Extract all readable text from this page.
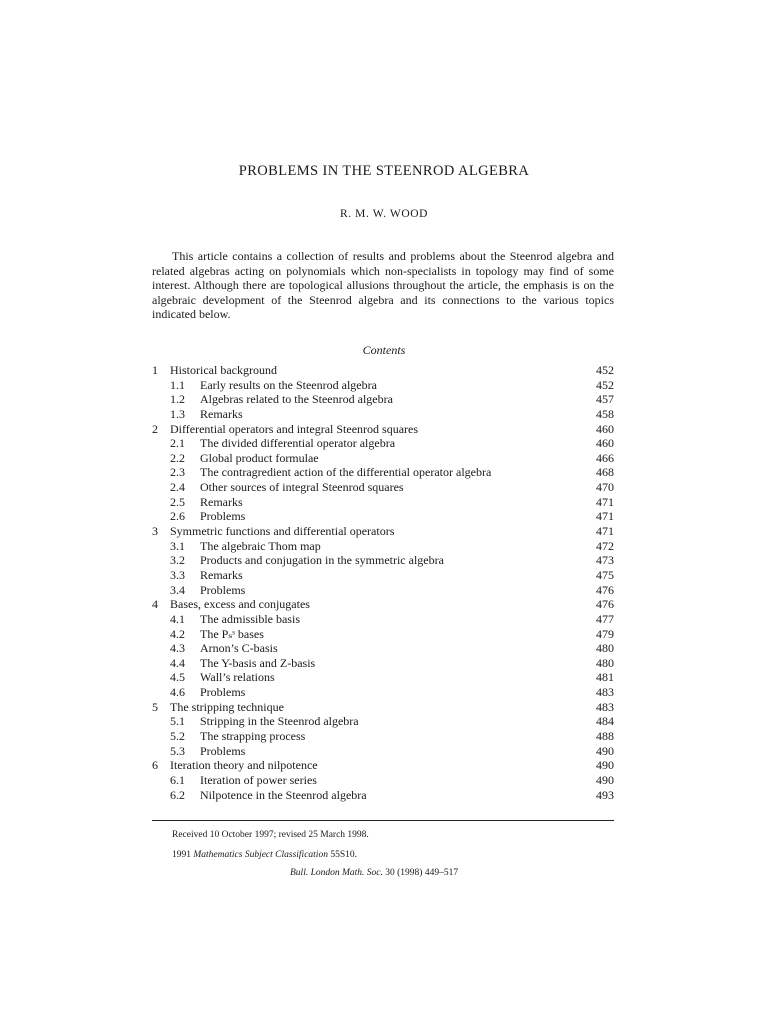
PROBLEMS IN THE STEENROD ALGEBRA
R. M. W. WOOD

This article contains a collection of results and problems about the Steenrod algebra and related algebras acting on polynomials which non-specialists in topology may find of some interest. Although there are topological allusions throughout the article, the emphasis is on the algebraic development of the Steenrod algebra and its connections to the various topics indicated below.

Contents
1	Historical background	452
1.1	Early results on the Steenrod algebra	452
1.2	Algebras related to the Steenrod algebra	457
1.3	Remarks	458
2	Differential operators and integral Steenrod squares	460
2.1	The divided differential operator algebra	460
2.2	Global product formulae	466
2.3	The contragredient action of the differential operator algebra	468
2.4	Other sources of integral Steenrod squares	470
2.5	Remarks	471
2.6	Problems	471
3	Symmetric functions and differential operators	471
3.1	The algebraic Thom map	472
3.2	Products and conjugation in the symmetric algebra	473
3.3	Remarks	475
3.4	Problems	476
4	Bases, excess and conjugates	476
4.1	The admissible basis	477
4.2	The Pₛˢ bases	479
4.3	Arnon’s C-basis	480
4.4	The Y-basis and Z-basis	480
4.5	Wall’s relations	481
4.6	Problems	483
5	The stripping technique	483
5.1	Stripping in the Steenrod algebra	484
5.2	The strapping process	488
5.3	Problems	490
6	Iteration theory and nilpotence	490
6.1	Iteration of power series	490
6.2	Nilpotence in the Steenrod algebra	493
Received 10 October 1997; revised 25 March 1998.
1991 Mathematics Subject Classification 55S10.
Bull. London Math. Soc. 30 (1998) 449–517
